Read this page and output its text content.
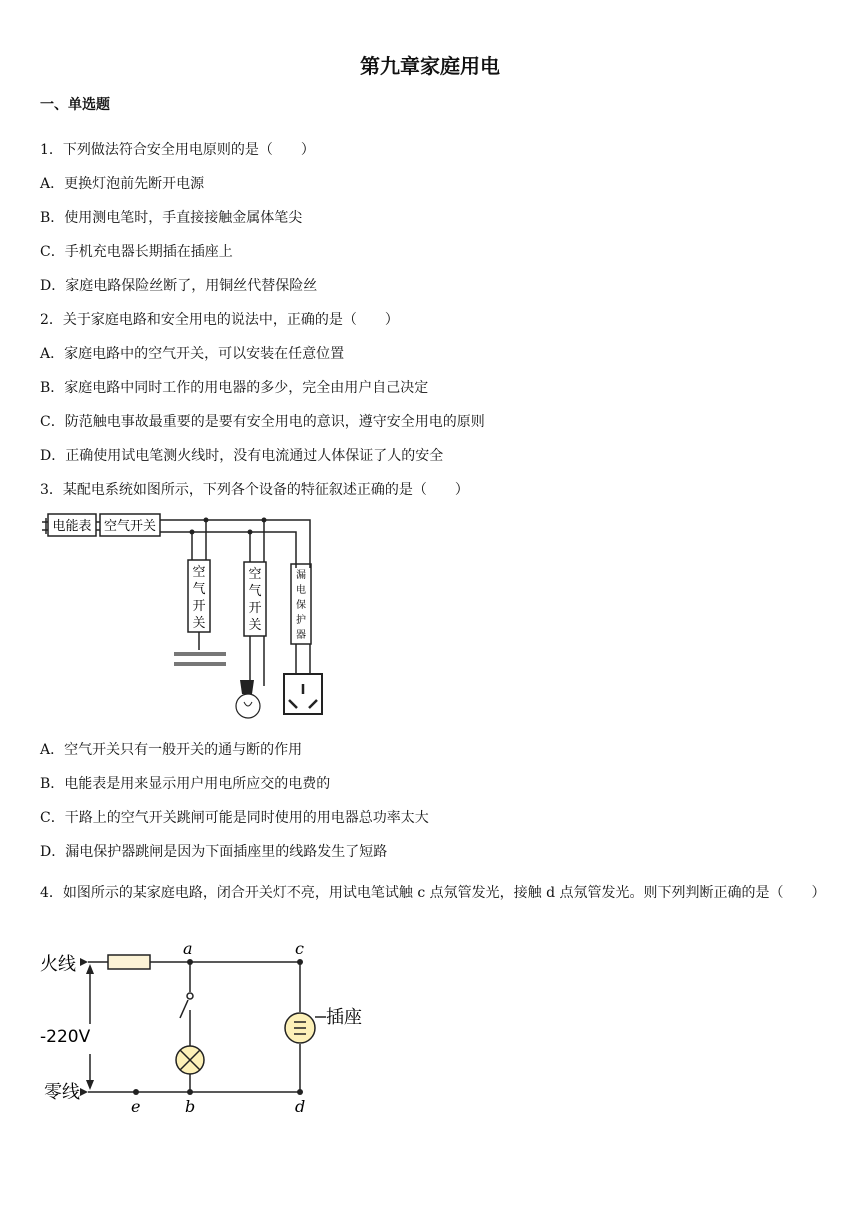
第九章家庭用电
一、单选题
1．下列做法符合安全用电原则的是（　　）
A．更换灯泡前先断开电源
B．使用测电笔时，手直接接触金属体笔尖
C．手机充电器长期插在插座上
D．家庭电路保险丝断了，用铜丝代替保险丝
2．关于家庭电路和安全用电的说法中，正确的是（　　）
A．家庭电路中的空气开关，可以安装在任意位置
B．家庭电路中同时工作的用电器的多少，完全由用户自己决定
C．防范触电事故最重要的是要有安全用电的意识，遵守安全用电的原则
D．正确使用试电笔测火线时，没有电流通过人体保证了人的安全
3．某配电系统如图所示，下列各个设备的特征叙述正确的是（　　）
电能表 空气开关
空
气
开
关
空
气
开
关
漏
电
保
护
器
A．空气开关只有一般开关的通与断的作用
B．电能表是用来显示用户用电所应交的电费的
C．干路上的空气开关跳闸可能是同时使用的用电器总功率太大
D．漏电保护器跳闸是因为下面插座里的线路发生了短路
4．如图所示的某家庭电路，闭合开关灯不亮，用试电笔试触 c 点氖管发光，接触 d 点氖管发光。则下列判断正确的是（　　）
火线
-220V
零线
插座
a	c
b	d
e
